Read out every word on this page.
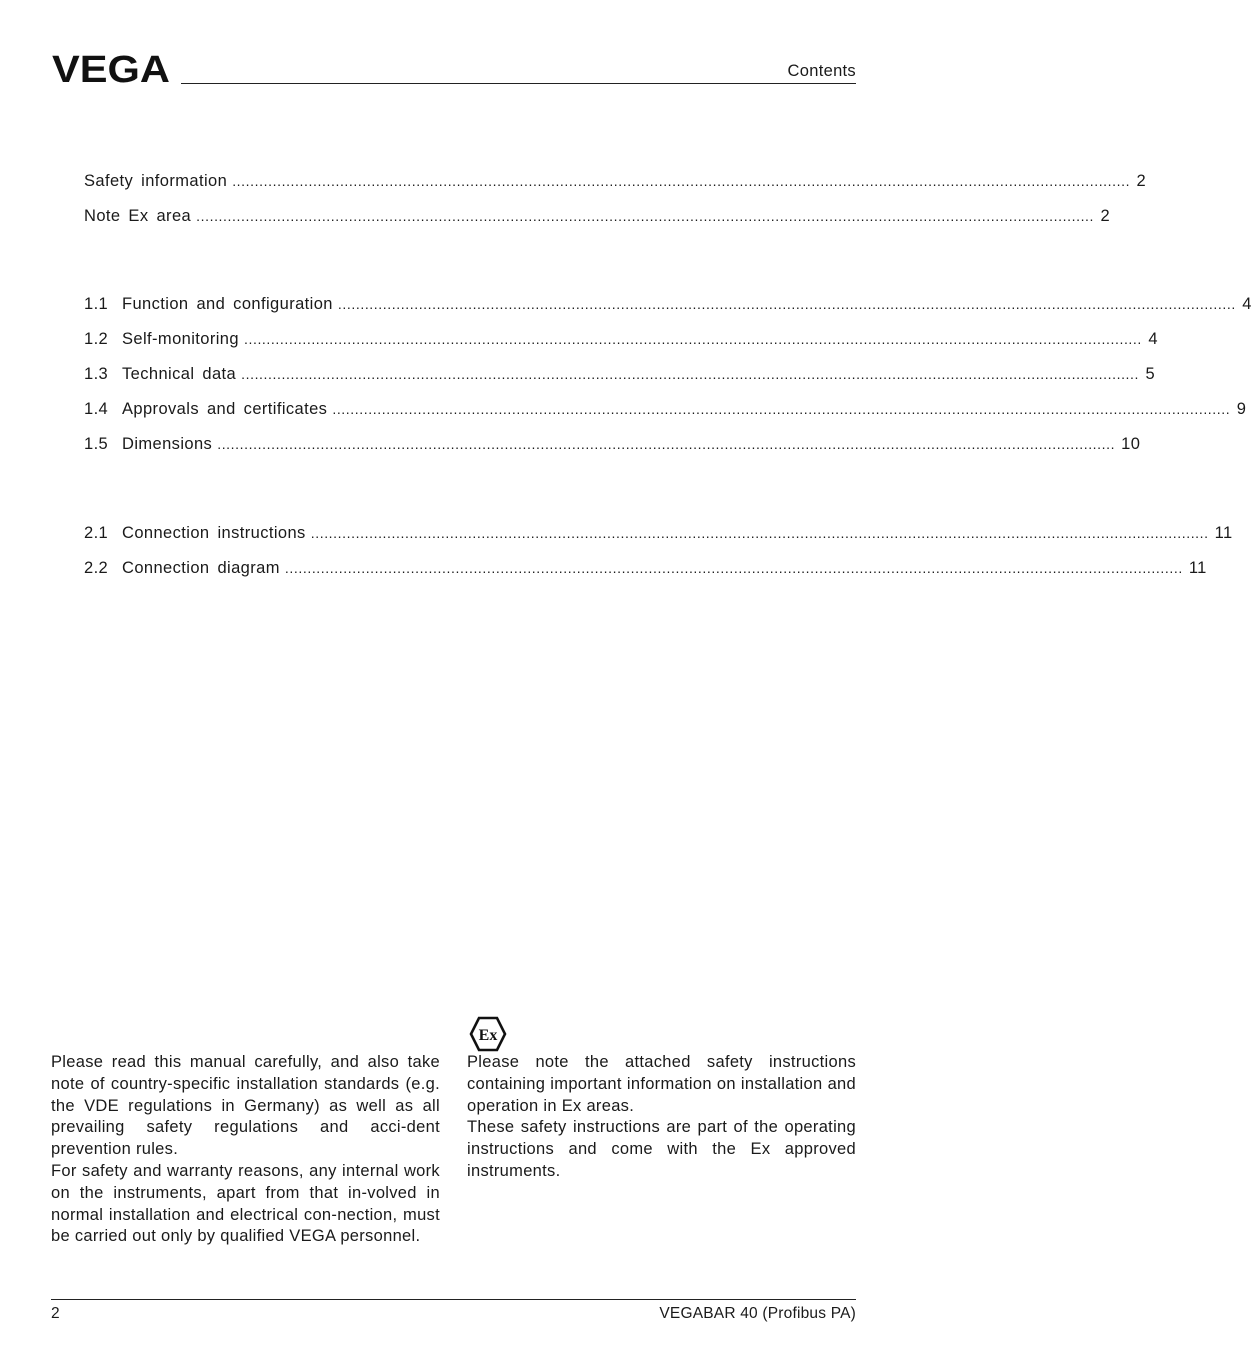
VEGA	Contents
Safety information ........................................................................................................................................................................................................ 2
Note Ex area ........................................................................................................................................................................................................ 2
1.1 Function and configuration ........................................................................................................................................................................................................ 4
1.2 Self-monitoring ........................................................................................................................................................................................................ 4
1.3 Technical data ........................................................................................................................................................................................................ 5
1.4 Approvals and certificates ........................................................................................................................................................................................................ 9
1.5 Dimensions ........................................................................................................................................................................................................ 10
2.1 Connection instructions ........................................................................................................................................................................................................ 11
2.2 Connection diagram ........................................................................................................................................................................................................ 11

Please read this manual carefully, and also take note of country-specific installation standards (e.g. the VDE regulations in Germany) as well as all prevailing safety regulations and acci-dent prevention rules.

For safety and warranty reasons, any internal work on the instruments, apart from that in-volved in normal installation and electrical con-nection, must be carried out only by qualified VEGA personnel.

Ex

Please note the attached safety instructions containing important information on installation and operation in Ex areas.

These safety instructions are part of the operating instructions and come with the Ex approved instruments.

2	VEGABAR 40 (Profibus PA)
